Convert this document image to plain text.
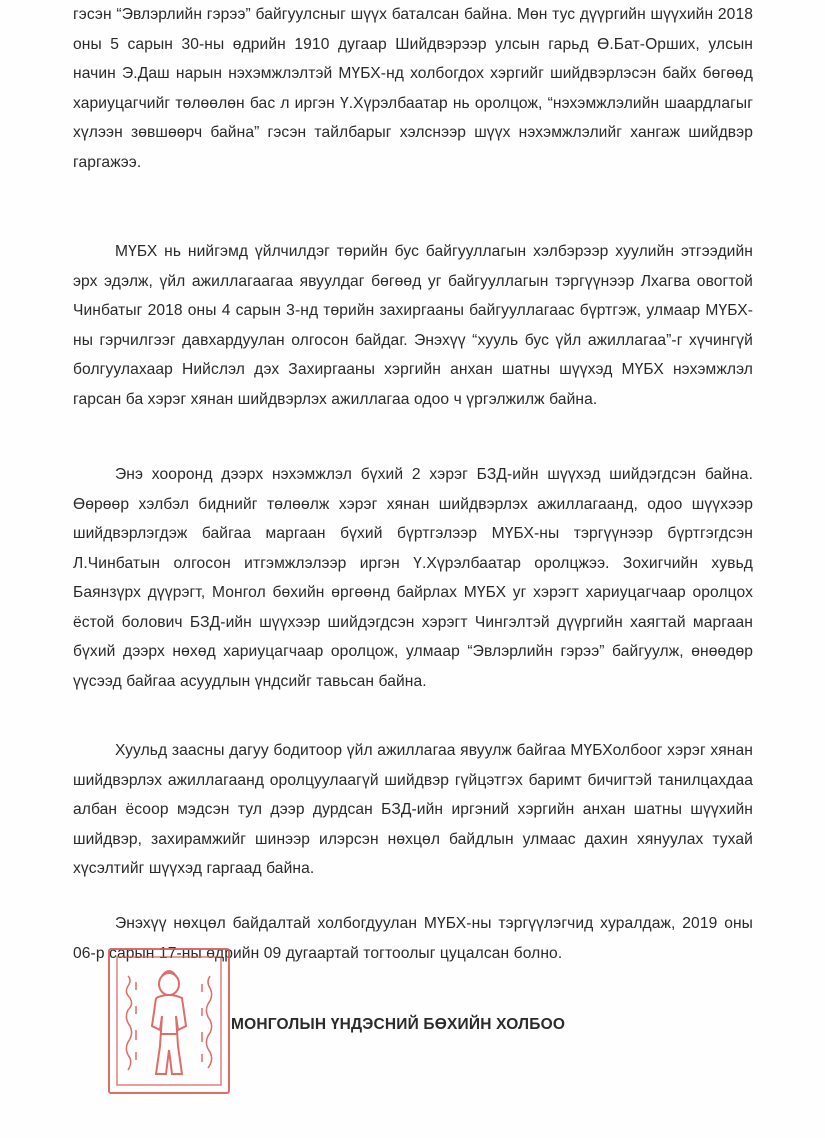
гэсэн “Эвлэрлийн гэрээ” байгуулсныг шүүх баталсан байна. Мөн тус дүүргийн шүүхийн 2018 оны 5 сарын 30-ны өдрийн 1910 дугаар Шийдвэрээр улсын гарьд Ө.Бат-Орших, улсын начин Э.Даш нарын нэхэмжлэлтэй МҮБХ-нд холбогдох хэргийг шийдвэрлэсэн байх бөгөөд хариуцагчийг төлөөлөн бас л иргэн Ү.Хүрэлбаатар нь оролцож, “нэхэмжлэлийн шаардлагыг хүлээн зөвшөөрч байна” гэсэн тайлбарыг хэлснээр шүүх нэхэмжлэлийг хангаж шийдвэр гаргажээ.

МҮБХ нь нийгэмд үйлчилдэг төрийн бус байгууллагын хэлбэрээр хуулийн этгээдийн эрх эдэлж, үйл ажиллагаагаа явуулдаг бөгөөд уг байгууллагын тэргүүнээр Лхагва овогтой Чинбатыг 2018 оны 4 сарын 3-нд төрийн захиргааны байгууллагаас бүртгэж, улмаар МҮБХ-ны гэрчилгээг давхардуулан олгосон байдаг. Энэхүү “хууль бус үйл ажиллагаа”-г хүчингүй болгуулахаар Нийслэл дэх Захиргааны хэргийн анхан шатны шүүхэд МҮБХ нэхэмжлэл гарсан ба хэрэг хянан шийдвэрлэх ажиллагаа одоо ч үргэлжилж байна.

Энэ хооронд дээрх нэхэмжлэл бүхий 2 хэрэг БЗД-ийн шүүхэд шийдэгдсэн байна. Өөрөөр хэлбэл биднийг төлөөлж хэрэг хянан шийдвэрлэх ажиллагаанд, одоо шүүхээр шийдвэрлэгдэж байгаа маргаан бүхий бүртгэлээр МҮБХ-ны тэргүүнээр бүртгэгдсэн Л.Чинбатын олгосон итгэмжлэлээр иргэн Ү.Хүрэлбаатар оролцжээ. Зохигчийн хувьд Баянзүрх дүүрэгт, Монгол бөхийн өргөөнд байрлах МҮБХ уг хэрэгт хариуцагчаар оролцох ёстой болович БЗД-ийн шүүхээр шийдэгдсэн хэрэгт Чингэлтэй дүүргийн хаягтай маргаан бүхий дээрх нөхөд хариуцагчаар оролцож, улмаар “Эвлэрлийн гэрээ” байгуулж, өнөөдөр үүсээд байгаа асуудлын үндсийг тавьсан байна.

Хуульд заасны дагуу бодитоор үйл ажиллагаа явуулж байгаа МҮБХолбоог хэрэг хянан шийдвэрлэх ажиллагаанд оролцуулаагүй шийдвэр гүйцэтгэх баримт бичигтэй танилцахдаа албан ёсоор мэдсэн тул дээр дурдсан БЗД-ийн иргэний хэргийн анхан шатны шүүхийн шийдвэр, захирамжийг шинээр илэрсэн нөхцөл байдлын улмаас дахин хянуулах тухай хүсэлтийг шүүхэд гаргаад байна.

Энэхүү нөхцөл байдалтай холбогдуулан МҮБХ-ны тэргүүлэгчид хуралдаж, 2019 оны 06-р сарын 17-ны өдрийн 09 дугаартай тогтоолыг цуцалсан болно.

МОНГОЛЫН ҮНДЭСНИЙ БӨХИЙН ХОЛБОО
